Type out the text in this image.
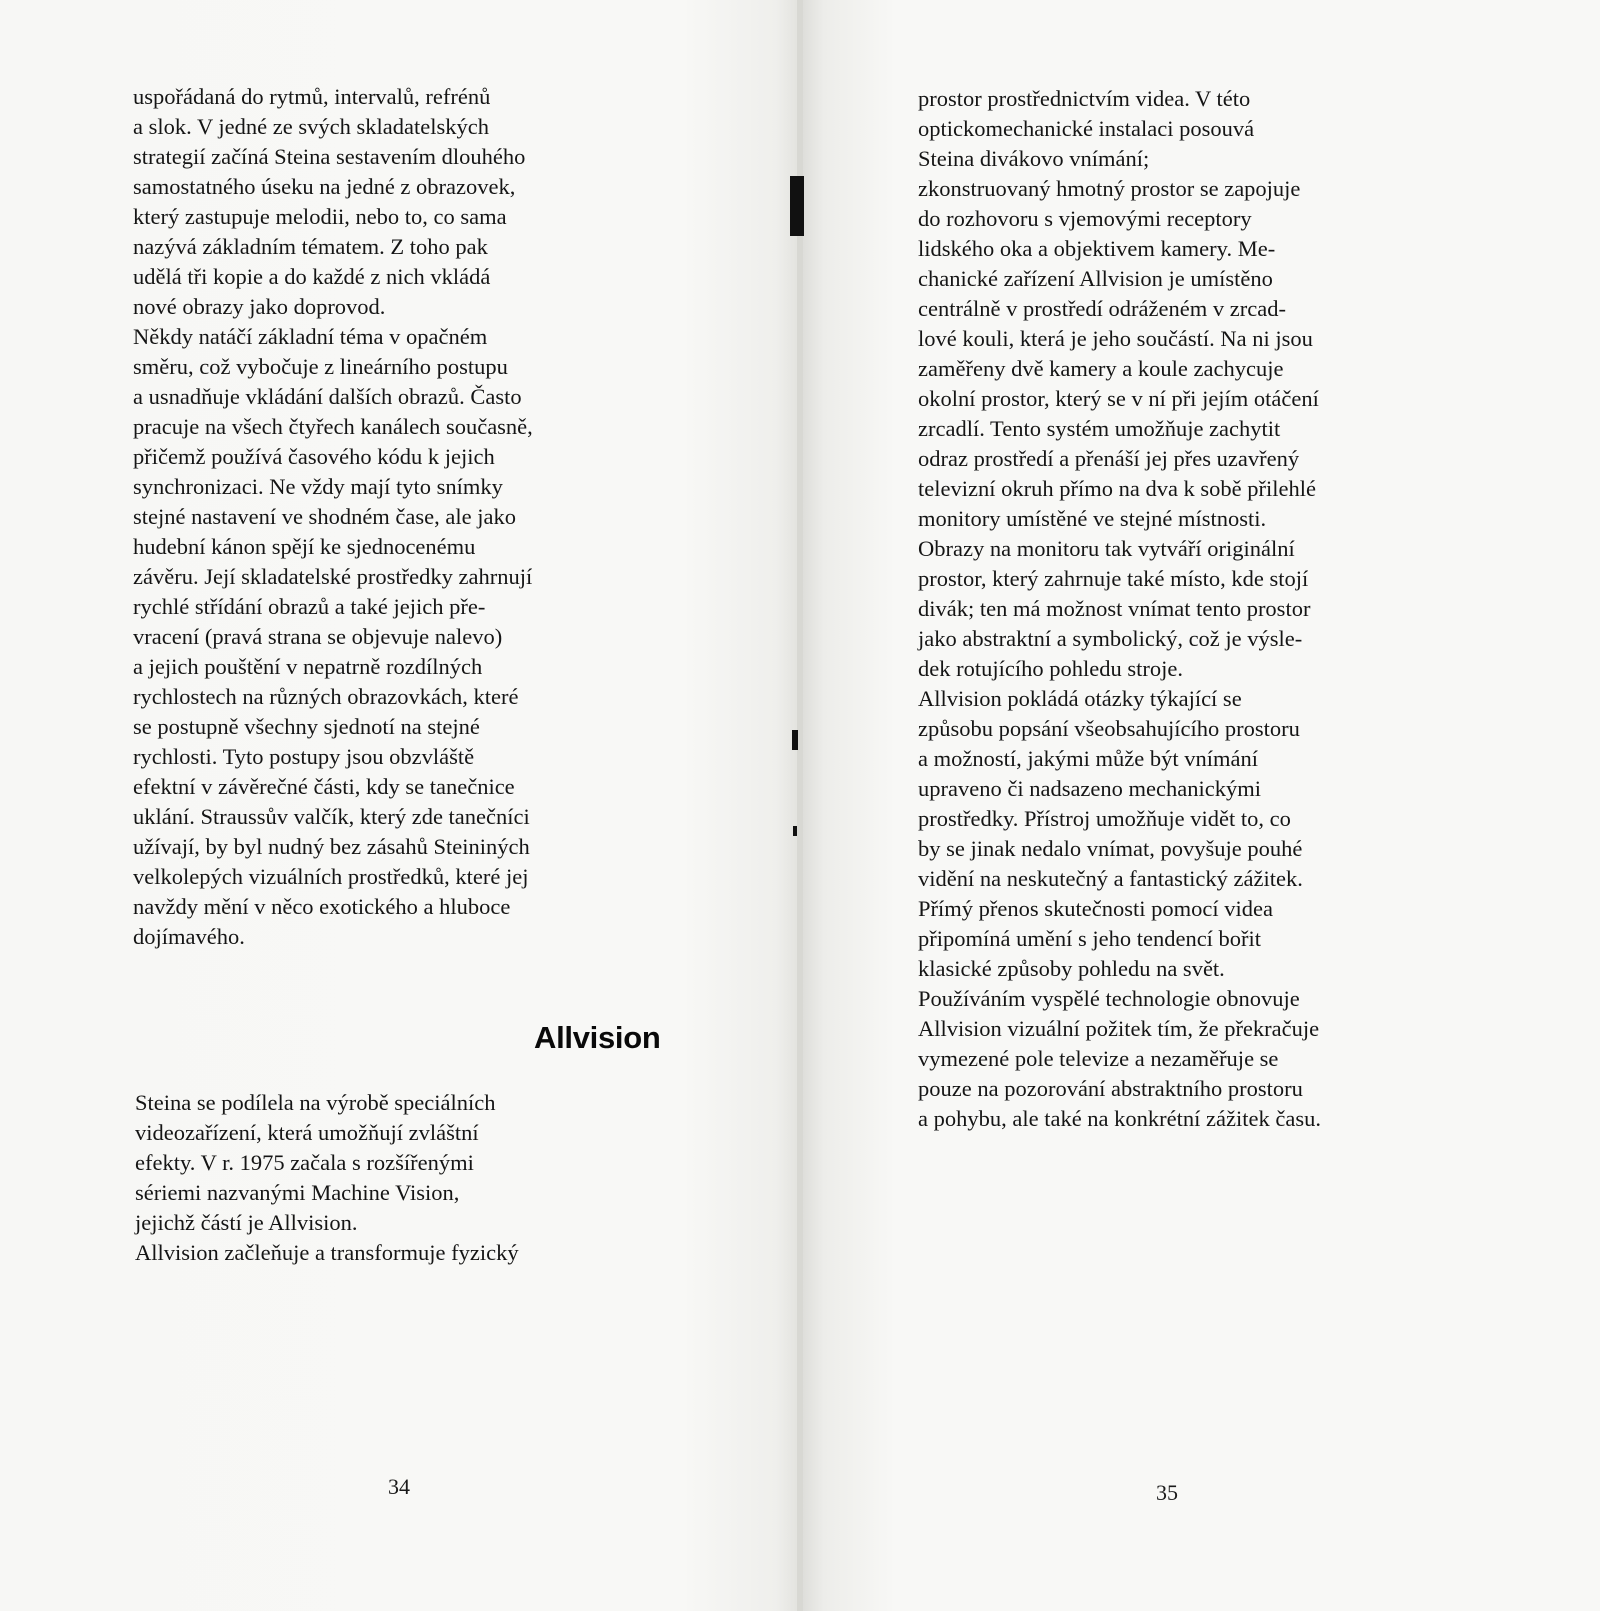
uspořádaná do rytmů, intervalů, refrénů
a slok. V jedné ze svých skladatelských
strategií začíná Steina sestavením dlouhého
samostatného úseku na jedné z obrazovek,
který zastupuje melodii, nebo to, co sama
nazývá základním tématem. Z toho pak
udělá tři kopie a do každé z nich vkládá
nové obrazy jako doprovod.
Někdy natáčí základní téma v opačném
směru, což vybočuje z lineárního postupu
a usnadňuje vkládání dalších obrazů. Často
pracuje na všech čtyřech kanálech současně,
přičemž používá časového kódu k jejich
synchronizaci. Ne vždy mají tyto snímky
stejné nastavení ve shodném čase, ale jako
hudební kánon spějí ke sjednocenému
závěru. Její skladatelské prostředky zahrnují
rychlé střídání obrazů a také jejich pře-
vracení (pravá strana se objevuje nalevo)
a jejich pouštění v nepatrně rozdílných
rychlostech na různých obrazovkách, které
se postupně všechny sjednotí na stejné
rychlosti. Tyto postupy jsou obzvláště
efektní v závěrečné části, kdy se tanečnice
uklání. Straussův valčík, který zde tanečníci
užívají, by byl nudný bez zásahů Steininých
velkolepých vizuálních prostředků, které jej
navždy mění v něco exotického a hlubоce
dojímavého.
Allvision
Steina se podílela na výrobě speciálních
videozařízení, která umožňují zvláštní
efekty. V r. 1975 začala s rozšířenými
sériemi nazvanými Machine Vision,
jejichž částí je Allvision.
Allvision začleňuje a transformuje fyzický
34
prostor prostřednictvím videa. V této
optickomechanické instalaci posouvá
Steina divákovo vnímání;
zkonstruovaný hmotný prostor se zapojuje
do rozhovoru s vjemovými receptory
lidského oka a objektivem kamery. Me-
chanické zařízení Allvision je umístěno
centrálně v prostředí odráženém v zrcad-
lové kouli, která je jeho součástí. Na ni jsou
zaměřeny dvě kamery a koule zachycuje
okolní prostor, který se v ní při jejím otáčení
zrcadlí. Tento systém umožňuje zachytit
odraz prostředí a přenáší jej přes uzavřený
televizní okruh přímo na dva k sobě přilehlé
monitory umístěné ve stejné místnosti.
Obrazy na monitoru tak vytváří originální
prostor, který zahrnuje také místo, kde stojí
divák; ten má možnost vnímat tento prostor
jako abstraktní a symbolický, což je výsle-
dek rotujícího pohledu stroje.
Allvision pokládá otázky týkající se
způsobu popsání všeobsahujícího prostoru
a možností, jakými může být vnímání
upraveno či nadsazeno mechanickými
prostředky. Přístroj umožňuje vidět to, co
by se jinak nedalo vnímat, povyšuje pouhé
vidění na neskutečný a fantastický zážitek.
Přímý přenos skutečnosti pomocí videa
připomíná umění s jeho tendencí bořit
klasické způsoby pohledu na svět.
Používáním vyspělé technologie obnovuje
Allvision vizuální požitek tím, že překračuje
vymezené pole televize a nezaměřuje se
pouze na pozorování abstraktního prostoru
a pohybu, ale také na konkrétní zážitek času.
35
